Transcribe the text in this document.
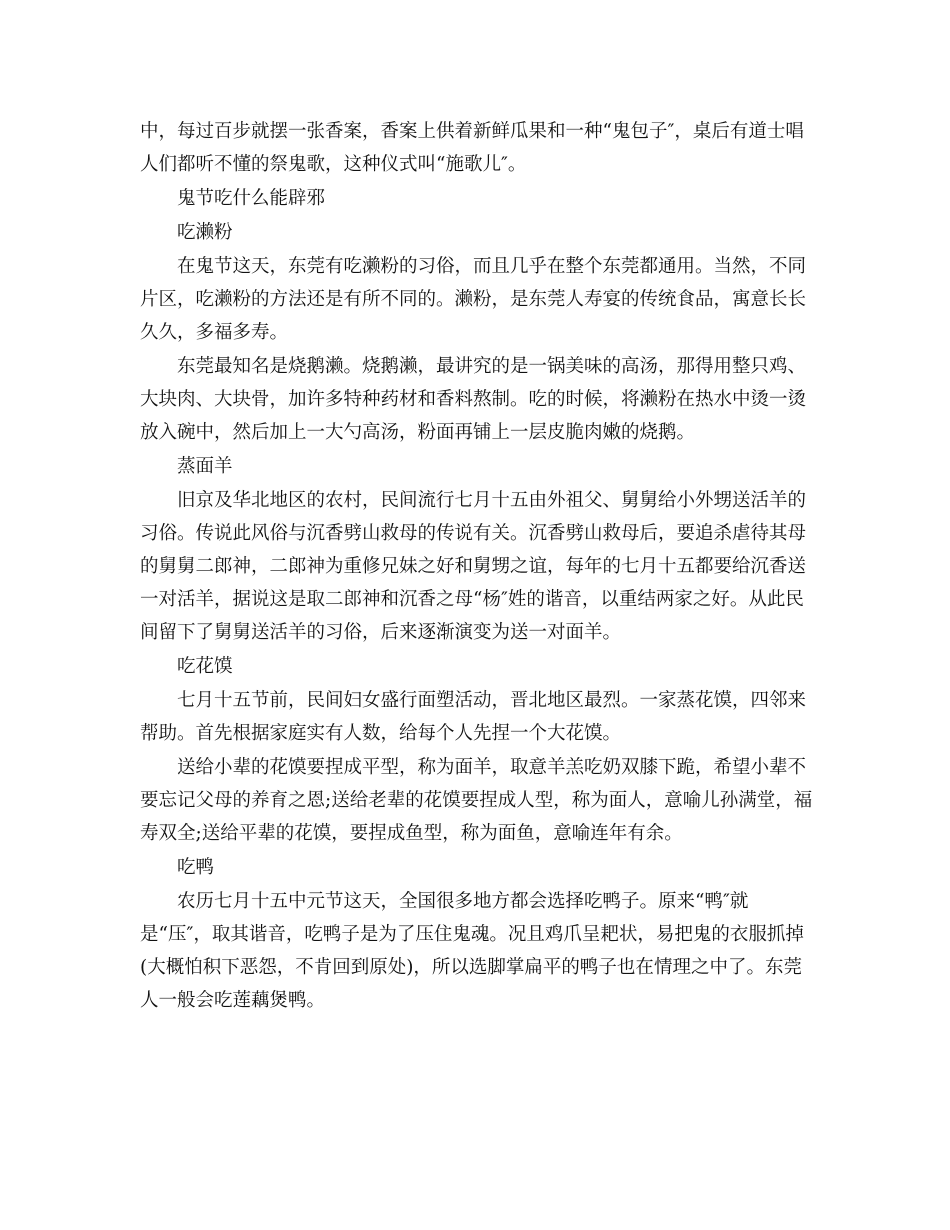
中，每过百步就摆一张香案，香案上供着新鲜瓜果和一种“鬼包子″，桌后有道士唱人们都听不懂的祭鬼歌，这种仪式叫“施歌儿″。

鬼节吃什么能辟邪

吃濑粉

在鬼节这天，东莞有吃濑粉的习俗，而且几乎在整个东莞都通用。当然，不同片区，吃濑粉的方法还是有所不同的。濑粉，是东莞人寿宴的传统食品，寓意长长久久，多福多寿。

东莞最知名是烧鹅濑。烧鹅濑，最讲究的是一锅美味的高汤，那得用整只鸡、大块肉、大块骨，加许多特种药材和香料熬制。吃的时候，将濑粉在热水中烫一烫放入碗中，然后加上一大勺高汤，粉面再铺上一层皮脆肉嫩的烧鹅。

蒸面羊

旧京及华北地区的农村，民间流行七月十五由外祖父、舅舅给小外甥送活羊的习俗。传说此风俗与沉香劈山救母的传说有关。沉香劈山救母后，要追杀虐待其母的舅舅二郎神，二郎神为重修兄妹之好和舅甥之谊，每年的七月十五都要给沉香送一对活羊，据说这是取二郎神和沉香之母“杨″姓的谐音，以重结两家之好。从此民间留下了舅舅送活羊的习俗，后来逐渐演变为送一对面羊。

吃花馍

七月十五节前，民间妇女盛行面塑活动，晋北地区最烈。一家蒸花馍，四邻来帮助。首先根据家庭实有人数，给每个人先捏一个大花馍。

送给小辈的花馍要捏成平型，称为面羊，取意羊羔吃奶双膝下跪，希望小辈不要忘记父母的养育之恩;送给老辈的花馍要捏成人型，称为面人，意喻儿孙满堂，福寿双全;送给平辈的花馍，要捏成鱼型，称为面鱼，意喻连年有余。

吃鸭

农历七月十五中元节这天，全国很多地方都会选择吃鸭子。原来“鸭″就是“压″，取其谐音，吃鸭子是为了压住鬼魂。况且鸡爪呈耙状，易把鬼的衣服抓掉(大概怕积下恶怨，不肯回到原处)，所以选脚掌扁平的鸭子也在情理之中了。东莞人一般会吃莲藕煲鸭。
